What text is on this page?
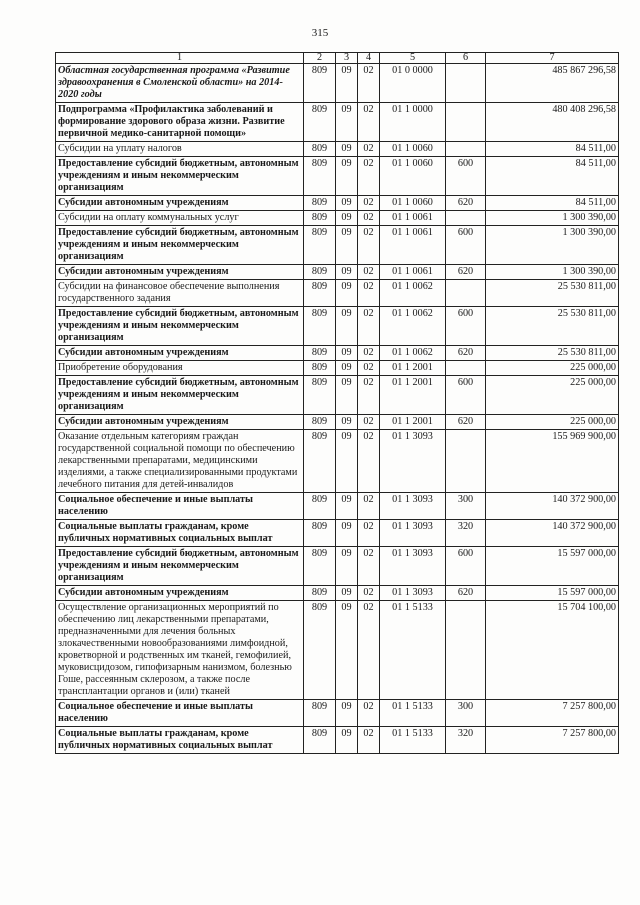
315
1	2	3	4	5	6	7
Областная государственная программа «Развитие здравоохранения в Смоленской области» на 2014-2020 годы	809	09	02	01 0 0000		485 867 296,58
Подпрограмма «Профилактика заболеваний и формирование здорового образа жизни. Развитие первичной медико-санитарной помощи»	809	09	02	01 1 0000		480 408 296,58
Субсидии на уплату налогов	809	09	02	01 1 0060		84 511,00
Предоставление субсидий бюджетным, автономным учреждениям и иным некоммерческим организациям	809	09	02	01 1 0060	600	84 511,00
Субсидии автономным учреждениям	809	09	02	01 1 0060	620	84 511,00
Субсидии на оплату коммунальных услуг	809	09	02	01 1 0061		1 300 390,00
Предоставление субсидий бюджетным, автономным учреждениям и иным некоммерческим организациям	809	09	02	01 1 0061	600	1 300 390,00
Субсидии автономным учреждениям	809	09	02	01 1 0061	620	1 300 390,00
Субсидии на финансовое обеспечение выполнения государственного задания	809	09	02	01 1 0062		25 530 811,00
Предоставление субсидий бюджетным, автономным учреждениям и иным некоммерческим организациям	809	09	02	01 1 0062	600	25 530 811,00
Субсидии автономным учреждениям	809	09	02	01 1 0062	620	25 530 811,00
Приобретение оборудования	809	09	02	01 1 2001		225 000,00
Предоставление субсидий бюджетным, автономным учреждениям и иным некоммерческим организациям	809	09	02	01 1 2001	600	225 000,00
Субсидии автономным учреждениям	809	09	02	01 1 2001	620	225 000,00
Оказание отдельным категориям граждан государственной социальной помощи по обеспечению лекарственными препаратами, медицинскими изделиями, а также специализированными продуктами лечебного питания для детей-инвалидов	809	09	02	01 1 3093		155 969 900,00
Социальное обеспечение и иные выплаты населению	809	09	02	01 1 3093	300	140 372 900,00
Социальные выплаты гражданам, кроме публичных нормативных социальных выплат	809	09	02	01 1 3093	320	140 372 900,00
Предоставление субсидий бюджетным, автономным учреждениям и иным некоммерческим организациям	809	09	02	01 1 3093	600	15 597 000,00
Субсидии автономным учреждениям	809	09	02	01 1 3093	620	15 597 000,00
Осуществление организационных мероприятий по обеспечению лиц лекарственными препаратами, предназначенными для лечения больных злокачественными новообразованиями лимфоидной, кроветворной и родственных им тканей, гемофилией, муковисцидозом, гипофизарным нанизмом, болезнью Гоше, рассеянным склерозом, а также после трансплантации органов и (или) тканей	809	09	02	01 1 5133		15 704 100,00
Социальное обеспечение и иные выплаты населению	809	09	02	01 1 5133	300	7 257 800,00
Социальные выплаты гражданам, кроме публичных нормативных социальных выплат	809	09	02	01 1 5133	320	7 257 800,00
